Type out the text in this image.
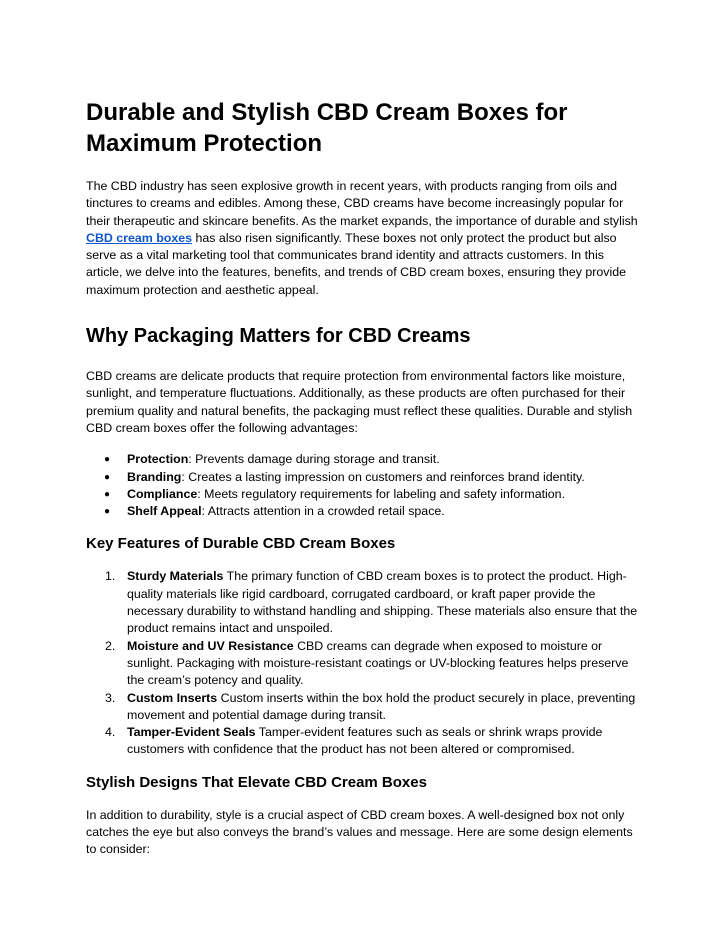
Durable and Stylish CBD Cream Boxes for Maximum Protection

The CBD industry has seen explosive growth in recent years, with products ranging from oils and tinctures to creams and edibles. Among these, CBD creams have become increasingly popular for their therapeutic and skincare benefits. As the market expands, the importance of durable and stylish CBD cream boxes has also risen significantly. These boxes not only protect the product but also serve as a vital marketing tool that communicates brand identity and attracts customers. In this article, we delve into the features, benefits, and trends of CBD cream boxes, ensuring they provide maximum protection and aesthetic appeal.

Why Packaging Matters for CBD Creams

CBD creams are delicate products that require protection from environmental factors like moisture, sunlight, and temperature fluctuations. Additionally, as these products are often purchased for their premium quality and natural benefits, the packaging must reflect these qualities. Durable and stylish CBD cream boxes offer the following advantages:

● Protection: Prevents damage during storage and transit.
● Branding: Creates a lasting impression on customers and reinforces brand identity.
● Compliance: Meets regulatory requirements for labeling and safety information.
● Shelf Appeal: Attracts attention in a crowded retail space.
Key Features of Durable CBD Cream Boxes
1. Sturdy Materials The primary function of CBD cream boxes is to protect the product. High-quality materials like rigid cardboard, corrugated cardboard, or kraft paper provide the necessary durability to withstand handling and shipping. These materials also ensure that the product remains intact and unspoiled.
2. Moisture and UV Resistance CBD creams can degrade when exposed to moisture or sunlight. Packaging with moisture-resistant coatings or UV-blocking features helps preserve the cream’s potency and quality.
3. Custom Inserts Custom inserts within the box hold the product securely in place, preventing movement and potential damage during transit.
4. Tamper-Evident Seals Tamper-evident features such as seals or shrink wraps provide customers with confidence that the product has not been altered or compromised.
Stylish Designs That Elevate CBD Cream Boxes

In addition to durability, style is a crucial aspect of CBD cream boxes. A well-designed box not only catches the eye but also conveys the brand’s values and message. Here are some design elements to consider:
